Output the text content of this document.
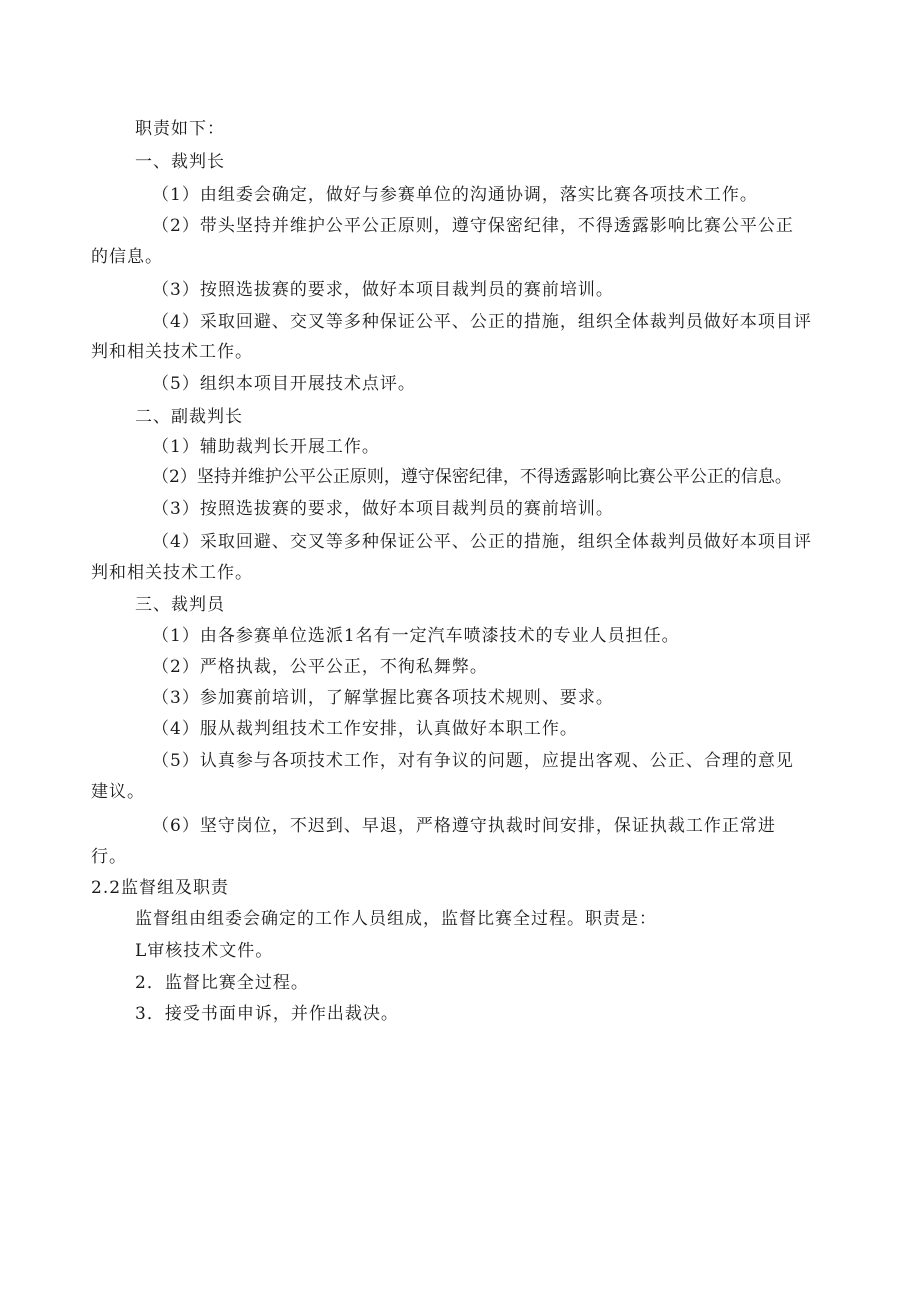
职责如下：
一、裁判长
（1）由组委会确定，做好与参赛单位的沟通协调，落实比赛各项技术工作。
（2）带头坚持并维护公平公正原则，遵守保密纪律，不得透露影响比赛公平公正
的信息。
（3）按照选拔赛的要求，做好本项目裁判员的赛前培训。
（4）采取回避、交叉等多种保证公平、公正的措施，组织全体裁判员做好本项目评
判和相关技术工作。
（5）组织本项目开展技术点评。
二、副裁判长
（1）辅助裁判长开展工作。
（2）坚持并维护公平公正原则，遵守保密纪律，不得透露影响比赛公平公正的信息。
（3）按照选拔赛的要求，做好本项目裁判员的赛前培训。
（4）采取回避、交叉等多种保证公平、公正的措施，组织全体裁判员做好本项目评
判和相关技术工作。
三、裁判员
（1）由各参赛单位选派1名有一定汽车喷漆技术的专业人员担任。
（2）严格执裁，公平公正，不徇私舞弊。
（3）参加赛前培训，了解掌握比赛各项技术规则、要求。
（4）服从裁判组技术工作安排，认真做好本职工作。
（5）认真参与各项技术工作，对有争议的问题，应提出客观、公正、合理的意见
建议。
（6）坚守岗位，不迟到、早退，严格遵守执裁时间安排，保证执裁工作正常进
行。
2.2监督组及职责
监督组由组委会确定的工作人员组成，监督比赛全过程。职责是：
L审核技术文件。
2．监督比赛全过程。
3．接受书面申诉，并作出裁决。
